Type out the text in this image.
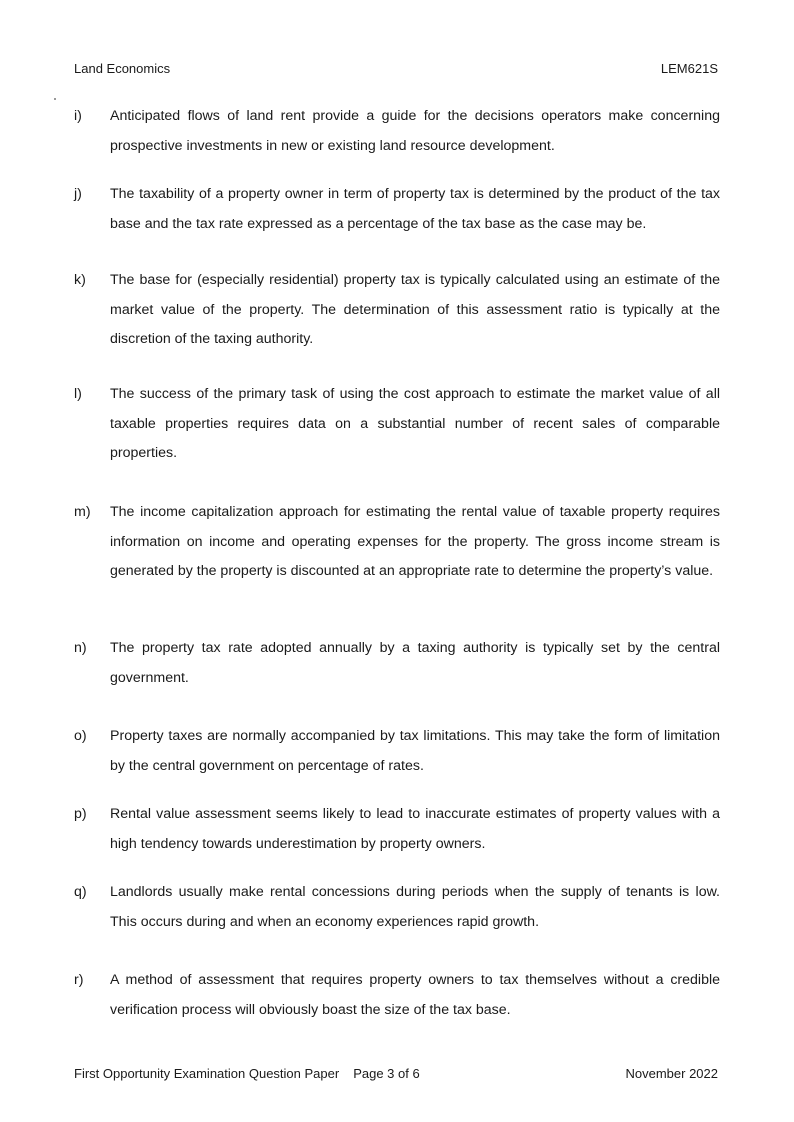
Land Economics	LEM621S
i)	Anticipated flows of land rent provide a guide for the decisions operators make concerning prospective investments in new or existing land resource development.
j)	The taxability of a property owner in term of property tax is determined by the product of the tax base and the tax rate expressed as a percentage of the tax base as the case may be.
k)	The base for (especially residential) property tax is typically calculated using an estimate of the market value of the property. The determination of this assessment ratio is typically at the discretion of the taxing authority.
l)	The success of the primary task of using the cost approach to estimate the market value of all taxable properties requires data on a substantial number of recent sales of comparable properties.
m)	The income capitalization approach for estimating the rental value of taxable property requires information on income and operating expenses for the property. The gross income stream is generated by the property is discounted at an appropriate rate to determine the property’s value.
n)	The property tax rate adopted annually by a taxing authority is typically set by the central government.
o)	Property taxes are normally accompanied by tax limitations. This may take the form of limitation by the central government on percentage of rates.
p)	Rental value assessment seems likely to lead to inaccurate estimates of property values with a high tendency towards underestimation by property owners.
q)	Landlords usually make rental concessions during periods when the supply of tenants is low. This occurs during and when an economy experiences rapid growth.
r)	A method of assessment that requires property owners to tax themselves without a credible verification process will obviously boast the size of the tax base.
First Opportunity Examination Question Paper Page 3 of 6	November 2022
